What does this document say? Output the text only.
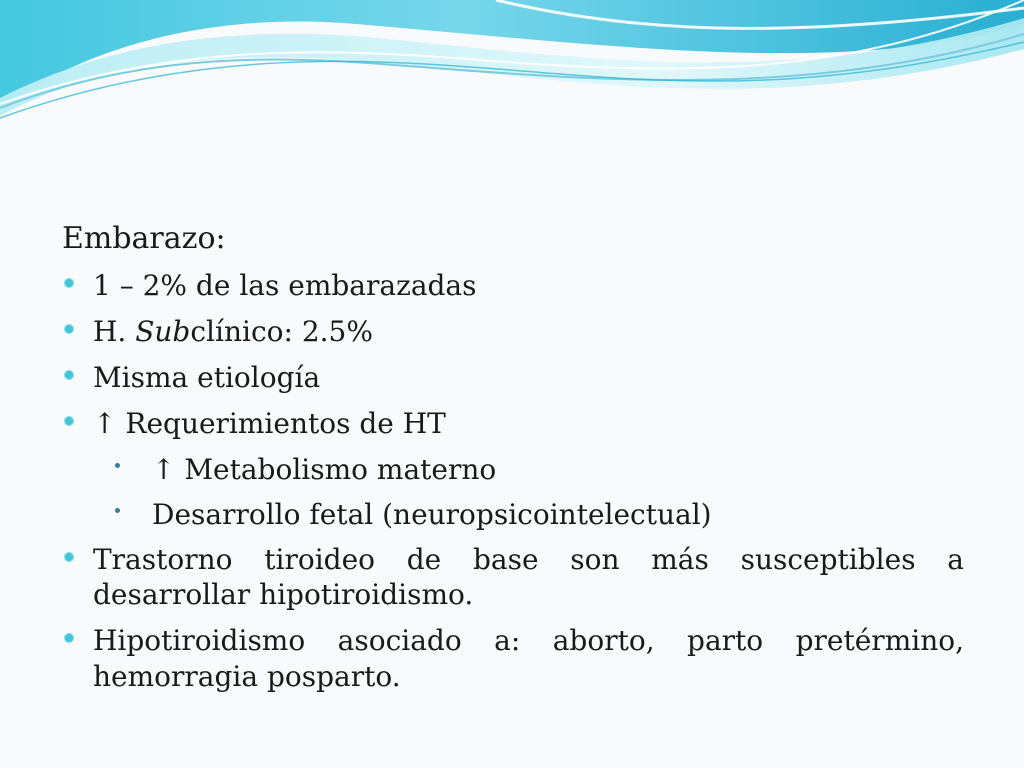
Embarazo:
1 – 2% de las embarazadas
H. Subclínico: 2.5%
Misma etiología
↑ Requerimientos de HT
↑ Metabolismo materno
Desarrollo fetal (neuropsicointelectual)
Trastorno tiroideo de base son más susceptibles a desarrollar hipotiroidismo.
Hipotiroidismo asociado a: aborto, parto pretérmino, hemorragia posparto.
